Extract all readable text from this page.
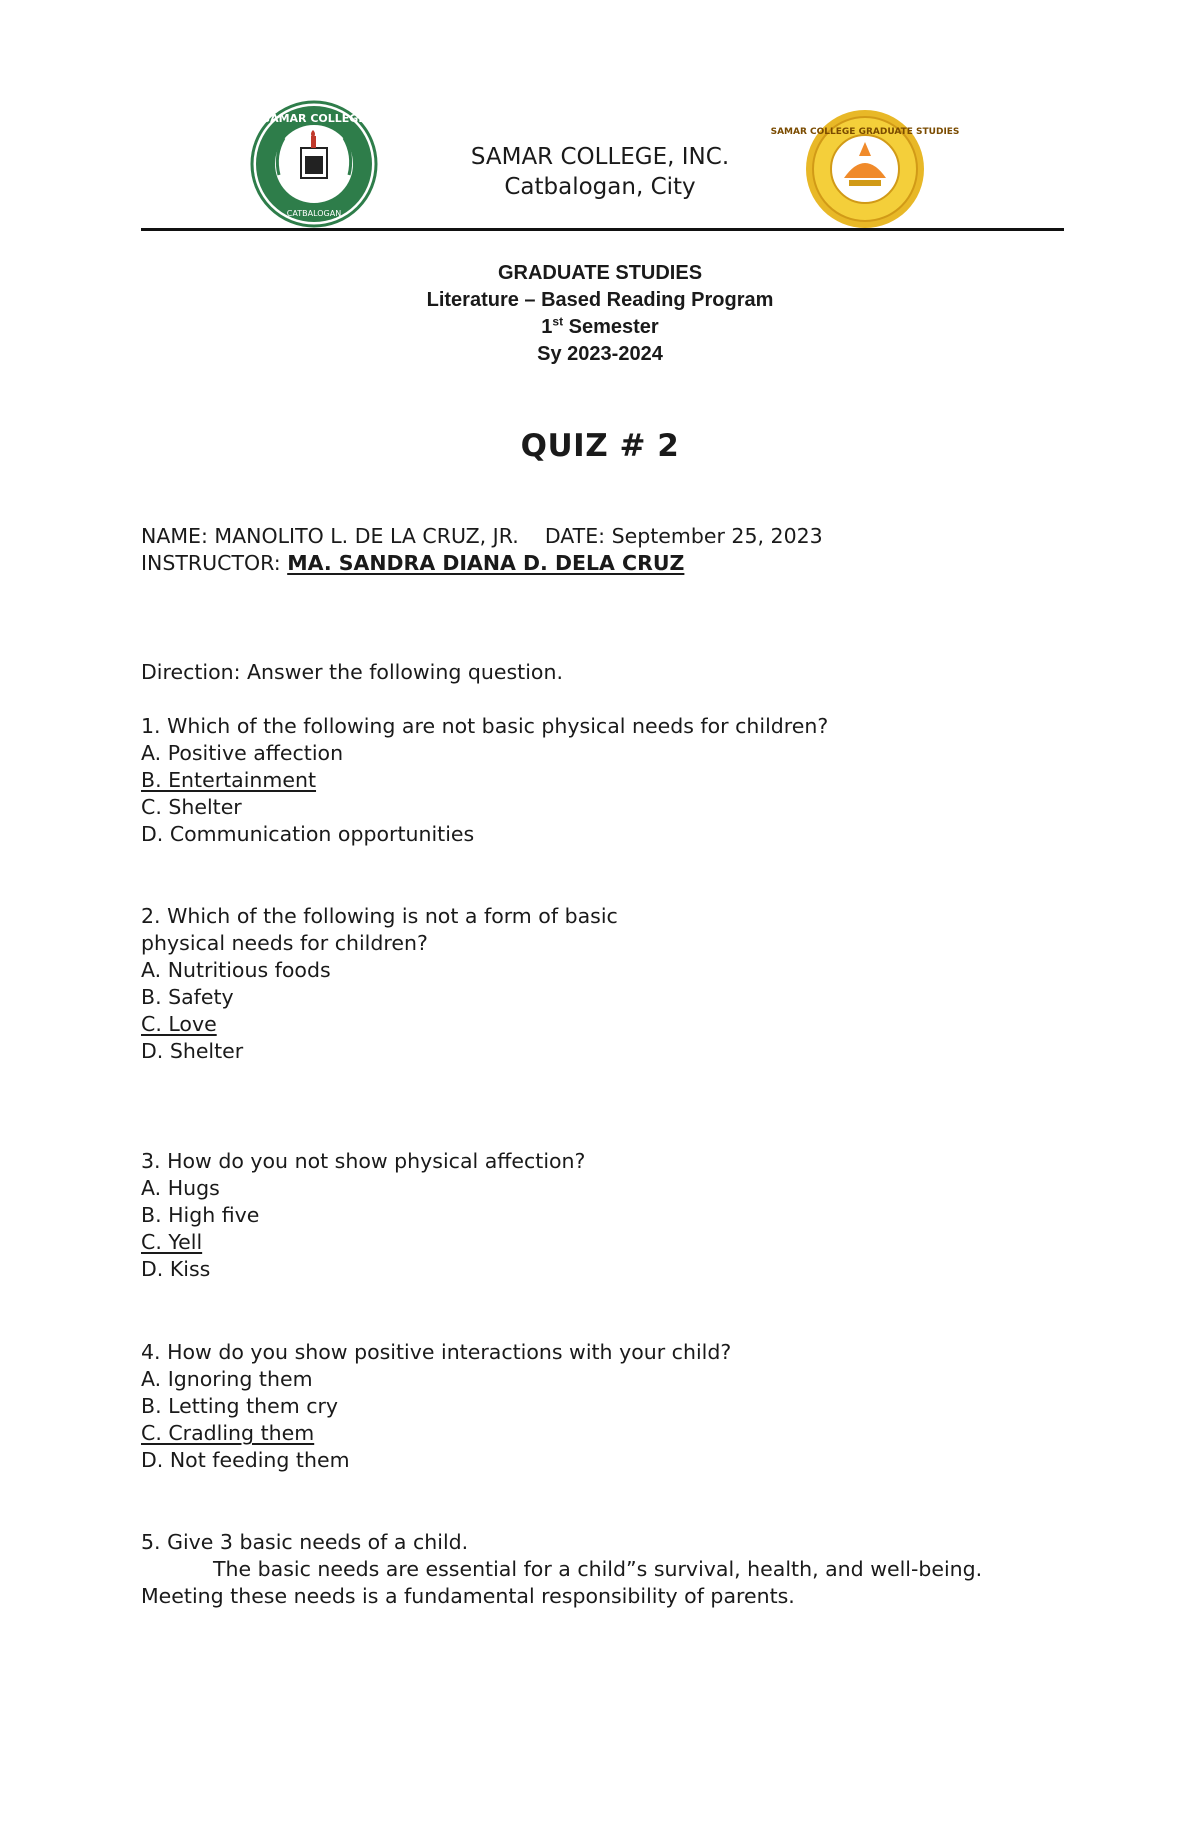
SAMAR COLLEGE
CATBALOGAN
SAMAR COLLEGE GRADUATE STUDIES
SAMAR COLLEGE, INC.
Catbalogan, City
GRADUATE STUDIES
Literature – Based Reading Program
1st Semester
Sy 2023-2024
QUIZ # 2
NAME: MANOLITO L. DE LA CRUZ, JR. DATE: September 25, 2023
INSTRUCTOR: MA. SANDRA DIANA D. DELA CRUZ
Direction: Answer the following question.
1. Which of the following are not basic physical needs for children?
A. Positive affection
B. Entertainment
C. Shelter
D. Communication opportunities
2. Which of the following is not a form of basic
physical needs for children?
A. Nutritious foods
B. Safety
C. Love
D. Shelter
3. How do you not show physical affection?
A. Hugs
B. High five
C. Yell
D. Kiss
4. How do you show positive interactions with your child?
A. Ignoring them
B. Letting them cry
C. Cradling them
D. Not feeding them
5. Give 3 basic needs of a child.
The basic needs are essential for a child”s survival, health, and well-being.
Meeting these needs is a fundamental responsibility of parents.
